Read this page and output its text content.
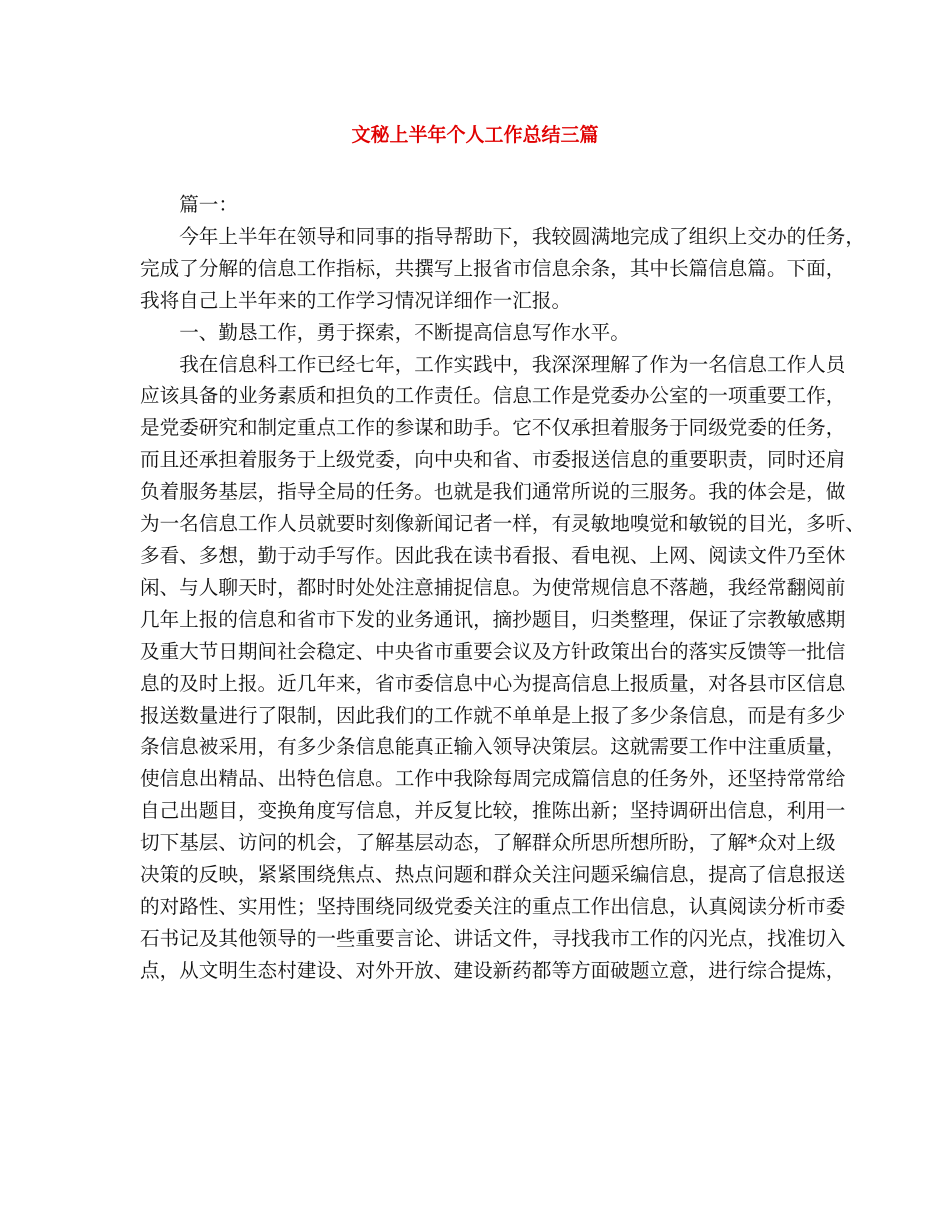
文秘上半年个人工作总结三篇

篇一：

今年上半年在领导和同事的指导帮助下，我较圆满地完成了组织上交办的任务，
完成了分解的信息工作指标，共撰写上报省市信息余条，其中长篇信息篇。下面，
我将自己上半年来的工作学习情况详细作一汇报。

一、勤恳工作，勇于探索，不断提高信息写作水平。

我在信息科工作已经七年，工作实践中，我深深理解了作为一名信息工作人员
应该具备的业务素质和担负的工作责任。信息工作是党委办公室的一项重要工作，
是党委研究和制定重点工作的参谋和助手。它不仅承担着服务于同级党委的任务，
而且还承担着服务于上级党委，向中央和省、市委报送信息的重要职责，同时还肩
负着服务基层，指导全局的任务。也就是我们通常所说的三服务。我的体会是，做
为一名信息工作人员就要时刻像新闻记者一样，有灵敏地嗅觉和敏锐的目光，多听、
多看、多想，勤于动手写作。因此我在读书看报、看电视、上网、阅读文件乃至休
闲、与人聊天时，都时时处处注意捕捉信息。为使常规信息不落趟，我经常翻阅前
几年上报的信息和省市下发的业务通讯，摘抄题目，归类整理，保证了宗教敏感期
及重大节日期间社会稳定、中央省市重要会议及方针政策出台的落实反馈等一批信
息的及时上报。近几年来，省市委信息中心为提高信息上报质量，对各县市区信息
报送数量进行了限制，因此我们的工作就不单单是上报了多少条信息，而是有多少
条信息被采用，有多少条信息能真正输入领导决策层。这就需要工作中注重质量，
使信息出精品、出特色信息。工作中我除每周完成篇信息的任务外，还坚持常常给
自己出题目，变换角度写信息，并反复比较，推陈出新；坚持调研出信息，利用一
切下基层、访问的机会，了解基层动态，了解群众所思所想所盼，了解*众对上级
决策的反映，紧紧围绕焦点、热点问题和群众关注问题采编信息，提高了信息报送
的对路性、实用性；坚持围绕同级党委关注的重点工作出信息，认真阅读分析市委
石书记及其他领导的一些重要言论、讲话文件，寻找我市工作的闪光点，找准切入
点，从文明生态村建设、对外开放、建设新药都等方面破题立意，进行综合提炼，
